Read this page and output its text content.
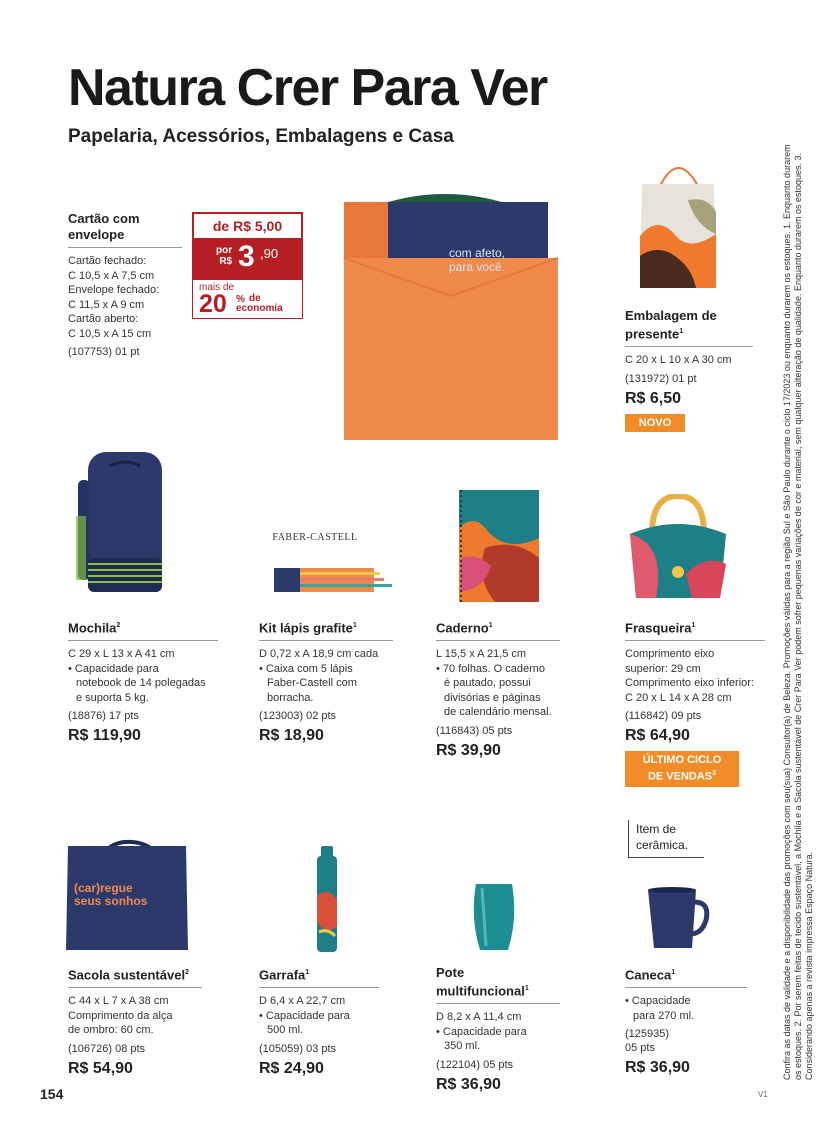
Natura Crer Para Ver
Papelaria, Acessórios, Embalagens e Casa
Cartão com
envelope
Cartão fechado:
C 10,5 x A 7,5 cm
Envelope fechado:
C 11,5 x A 9 cm
Cartão aberto:
C 10,5 x A 15 cm
(107753) 01 pt
de R$ 5,00
por
R$ 3 ,90
mais de
20 % de
economia
com afeto,
para você.
Embalagem de
presente$^1$
C 20 x L 10 x A 30 cm
(131972) 01 pt
R$ 6,50
NOVO
FABER-CASTELL
Mochila$^2$
C 29 x L 13 x A 41 cm
• Capacidade para
notebook de 14 polegadas
e suporta 5 kg.
(18876) 17 pts
R$ 119,90
Kit lápis grafite$^1$
D 0,72 x A 18,9 cm cada
• Caixa com 5 lápis
Faber-Castell com
borracha.
(123003) 02 pts
R$ 18,90
Caderno$^1$
L 15,5 x A 21,5 cm
• 70 folhas. O caderno
é pautado, possui
divisórias e páginas
de calendário mensal.
(116843) 05 pts
R$ 39,90
Frasqueira$^1$
Comprimento eixo
superior: 29 cm
Comprimento eixo inferior:
C 20 x L 14 x A 28 cm
(116842) 09 pts
R$ 64,90
ÚLTIMO CICLO
DE VENDAS$^3$
Item de
cerâmica.
(car)regue
seus sonhos
Sacola sustentável$^2$
C 44 x L 7 x A 38 cm
Comprimento da alça
de ombro: 60 cm.
(106726) 08 pts
R$ 54,90
Garrafa$^1$
D 6,4 x A 22,7 cm
• Capacidade para
500 ml.
(105059) 03 pts
R$ 24,90
Pote multifuncional$^1$
D 8,2 x A 11,4 cm
• Capacidade para
350 ml.
(122104) 05 pts
R$ 36,90
Caneca$^1$
• Capacidade
para 270 ml.
(125935)
05 pts
R$ 36,90
154	V1
Confira as datas de validade e a disponibilidade das promoções com seu(sua) Consultor(a) de Beleza. Promoções válidas para a região Sul e São Paulo durante o ciclo 17/2023 ou enquanto durarem os estoques. 1. Enquanto durarem os estoques. 2. Por serem feitas de tecido sustentável, a Mochila e a Sacola sustentável de Crer Para Ver podem sofrer pequenas variações de cor e material, sem qualquer alteração de qualidade. Enquanto durarem os estoques. 3. Considerando apenas a revista impressa Espaço Natura.
